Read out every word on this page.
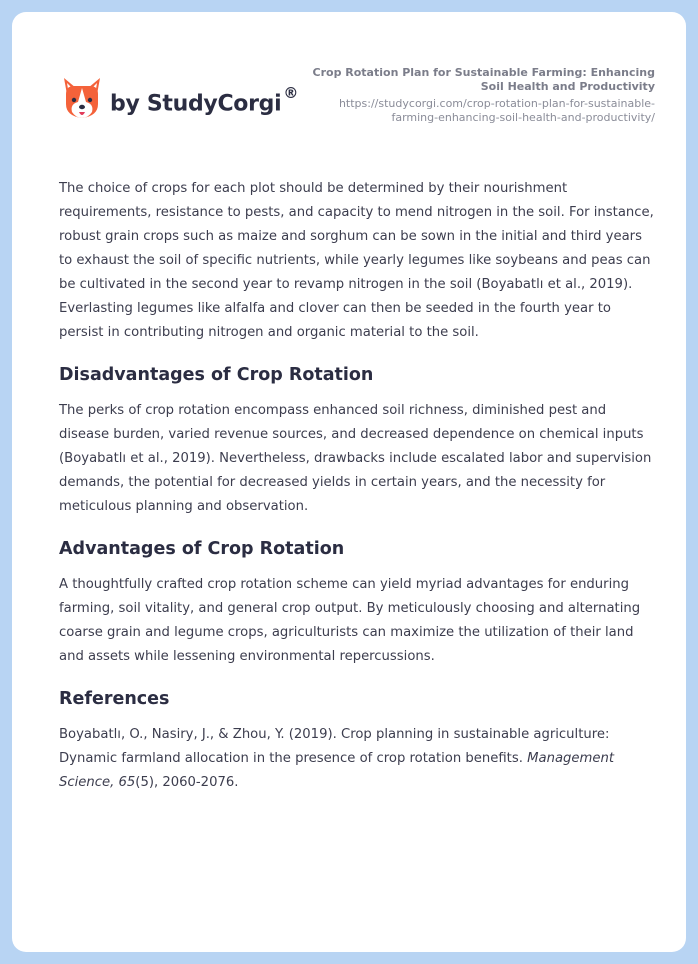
by StudyCorgi ®
Crop Rotation Plan for Sustainable Farming: Enhancing Soil Health and Productivity
https://studycorgi.com/crop-rotation-plan-for-sustainable-farming-enhancing-soil-health-and-productivity/

The choice of crops for each plot should be determined by their nourishment requirements, resistance to pests, and capacity to mend nitrogen in the soil. For instance, robust grain crops such as maize and sorghum can be sown in the initial and third years to exhaust the soil of specific nutrients, while yearly legumes like soybeans and peas can be cultivated in the second year to revamp nitrogen in the soil (Boyabatlı et al., 2019). Everlasting legumes like alfalfa and clover can then be seeded in the fourth year to persist in contributing nitrogen and organic material to the soil.

Disadvantages of Crop Rotation

The perks of crop rotation encompass enhanced soil richness, diminished pest and disease burden, varied revenue sources, and decreased dependence on chemical inputs (Boyabatlı et al., 2019). Nevertheless, drawbacks include escalated labor and supervision demands, the potential for decreased yields in certain years, and the necessity for meticulous planning and observation.

Advantages of Crop Rotation

A thoughtfully crafted crop rotation scheme can yield myriad advantages for enduring farming, soil vitality, and general crop output. By meticulously choosing and alternating coarse grain and legume crops, agriculturists can maximize the utilization of their land and assets while lessening environmental repercussions.

References

Boyabatlı, O., Nasiry, J., & Zhou, Y. (2019). Crop planning in sustainable agriculture: Dynamic farmland allocation in the presence of crop rotation benefits. Management Science, 65(5), 2060-2076.
